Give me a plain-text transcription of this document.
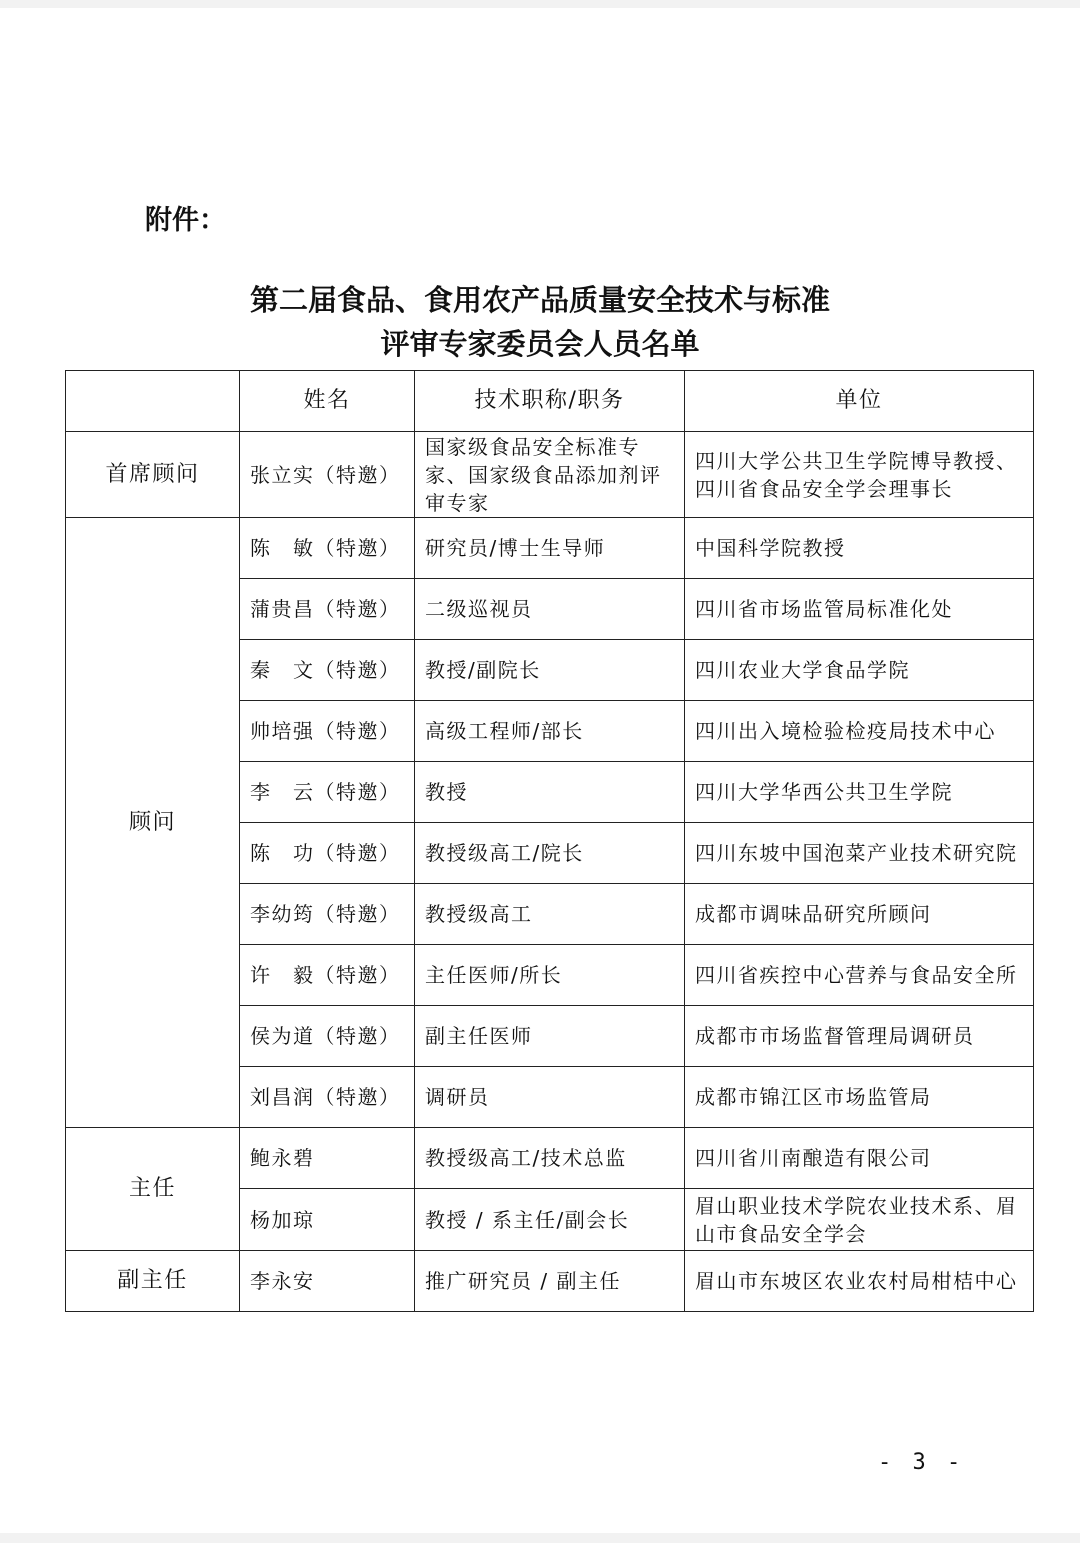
附件：
第二届食品、食用农产品质量安全技术与标准
评审专家委员会人员名单
	姓名	技术职称/职务	单位
首席顾问	张立实（特邀）	国家级食品安全标准专家、国家级食品添加剂评审专家	四川大学公共卫生学院博导教授、四川省食品安全学会理事长
顾问	陈　敏（特邀）	研究员/博士生导师	中国科学院教授
	蒲贵昌（特邀）	二级巡视员	四川省市场监管局标准化处
	秦　文（特邀）	教授/副院长	四川农业大学食品学院
	帅培强（特邀）	高级工程师/部长	四川出入境检验检疫局技术中心
	李　云（特邀）	教授	四川大学华西公共卫生学院
	陈　功（特邀）	教授级高工/院长	四川东坡中国泡菜产业技术研究院
	李幼筠（特邀）	教授级高工	成都市调味品研究所顾问
	许　毅（特邀）	主任医师/所长	四川省疾控中心营养与食品安全所
	侯为道（特邀）	副主任医师	成都市市场监督管理局调研员
	刘昌润（特邀）	调研员	成都市锦江区市场监管局
主任	鲍永碧	教授级高工/技术总监	四川省川南酿造有限公司
	杨加琼	教授 / 系主任/副会长	眉山职业技术学院农业技术系、眉山市食品安全学会
副主任	李永安	推广研究员 / 副主任	眉山市东坡区农业农村局柑桔中心
- 3 -
